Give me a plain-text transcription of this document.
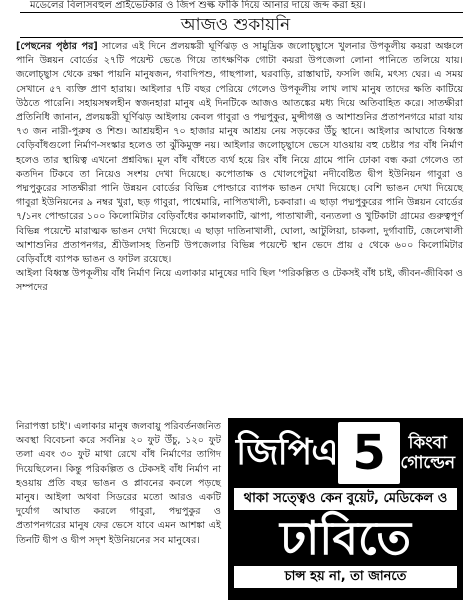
মডেলের বিলাসবহুল প্রাইভেটকার ও জিপ শুল্ক ফাঁকি দিয়ে আনার দায়ে জব্দ করা হয়।
আজও শুকায়নি

[পেছনের পৃষ্ঠার পর] সালের এই দিনে প্রলয়ঙ্করী ঘূর্ণিঝড় ও সামুদ্রিক জলোচ্ছ্বাসে খুলনার উপকূলীয় কয়রা অঞ্চলে পানি উন্নয়ন বোর্ডের ২৭টি পয়েন্ট ভেঙে গিয়ে তাৎক্ষণিক গোটা কয়রা উপজেলা লোনা পানিতে তলিয়ে যায়। জলোচ্ছ্বাস থেকে রক্ষা পায়নি মানুষজন, গবাদিপশু, গাছপালা, ঘরবাড়ি, রাস্তাঘাট, ফসলি জমি, মৎস্য ঘের। এ সময় সেখানে ৫৭ ব্যক্তি প্রাণ হারায়। আইলার ৭টি বছর পেরিয়ে গেলেও উপকূলীয় লাখ লাখ মানুষ তাদের ক্ষতি কাটিয়ে উঠতে পারেনি। সহায়সম্বলহীন স্বজনহারা মানুষ এই দিনটিকে আজও আতঙ্কের মধ্য দিয়ে অতিবাহিত করে। সাতক্ষীরা প্রতিনিধি জানান, প্রলয়ঙ্করী ঘূর্ণিঝড় আইলায় কেবল গাবুরা ও পদ্মপুকুর, মুন্সীগঞ্জ ও আশাশুনির প্রতাপনগরে মারা যায় ৭৩ জন নারী-পুরুষ ও শিশু। আশ্রয়হীন ৭০ হাজার মানুষ আশ্রয় নেয় সড়কের উঁচু স্থানে। আইলার আঘাতে বিধ্বস্ত বেড়িবাঁধগুলো নির্মাণ-সংস্কার হলেও তা ঝুঁকিমুক্ত নয়। আইলার জলোচ্ছ্বাসে ভেসে যাওয়ায় বহু চেষ্টার পর বাঁধ নির্মাণ হলেও তার স্থায়িত্ব এখনো প্রশ্নবিদ্ধ। মূল বাঁধ বাঁধতে ব্যর্থ হয়ে রিং বাঁধ নিয়ে গ্রামে পানি ঢোকা বন্ধ করা গেলেও তা কতদিন টিকবে তা নিয়েও সংশয় দেখা দিয়েছে। কপোতাক্ষ ও খোলপেটুয়া নদীবেষ্টিত দ্বীপ ইউনিয়ন গাবুরা ও পদ্মপুকুরের সাতক্ষীরা পানি উন্নয়ন বোর্ডের বিভিন্ন পোল্ডারে ব্যাপক ভাঙন দেখা দিয়েছে। বেশি ভাঙন দেখা দিয়েছে গাবুরা ইউনিয়নের ৯ নম্বর খুরা, ছড় গাবুরা, পাশ্বেমারি, নাপিতখালী, চকবারা। এ ছাড়া পদ্মপুকুরের পানি উন্নয়ন বোর্ডের ৭/১নং পোল্ডারের ১০০ কিলোমিটার বেড়িবাঁধের কামালকাটি, ঝাপা, পাতাখালী, বন্যতলা ও খুটিকাটা গ্রামের গুরুত্বপূর্ণ বিভিন্ন পয়েন্টে মারাত্মক ভাঙন দেখা দিয়েছে। এ ছাড়া দাতিনাখালী, ঘোলা, আটুলিয়া, চাকলা, দুর্গাবাটি, জেলেখালী আশাশুনির প্রতাপনগর, শ্রীউলাসহ তিনটি উপজেলার বিভিন্ন পয়েন্টে স্থান ভেদে প্রায় ৫ থেকে ৬০০ কিলোমিটার বেড়িবাঁধে ব্যাপক ভাঙন ও ফাটল রয়েছে।

আইলা বিধ্বস্ত উপকূলীয় বাঁধ নির্মাণ নিয়ে এলাকার মানুষের দাবি ছিল 'পরিকল্পিত ও টেকসই বাঁধ চাই, জীবন-জীবিকা ও সম্পদের

নিরাপত্তা চাই'। এলাকার মানুষ জলবায়ু পরিবর্তনজনিত অবস্থা বিবেচনা করে সর্বনিম্ন ২০ ফুট উঁচু, ১২০ ফুট তলা এবং ৩০ ফুট মাথা রেখে বাঁধ নির্মাণের তাগিদ দিয়েছিলেন। কিন্তু পরিকল্পিত ও টেকসই বাঁধ নির্মাণ না হওয়ায় প্রতি বছর ভাঙন ও প্লাবনের কবলে পড়ছে মানুষ। আইলা অথবা সিডরের মতো আরও একটি দুর্যোগ আঘাত করলে গাবুরা, পদ্মপুকুর ও প্রতাপনগরের মানুষ ফের ভেসে যাবে এমন আশঙ্কা এই তিনটি দ্বীপ ও দ্বীপ সদৃশ ইউনিয়নের সব মানুষের।

জিপিএ 5	কিংবা
গোল্ডেন
থাকা সত্ত্বেও কেন বুয়েট, মেডিকেল ও
ঢাবিতে
চান্স হয় না, তা জানতে
